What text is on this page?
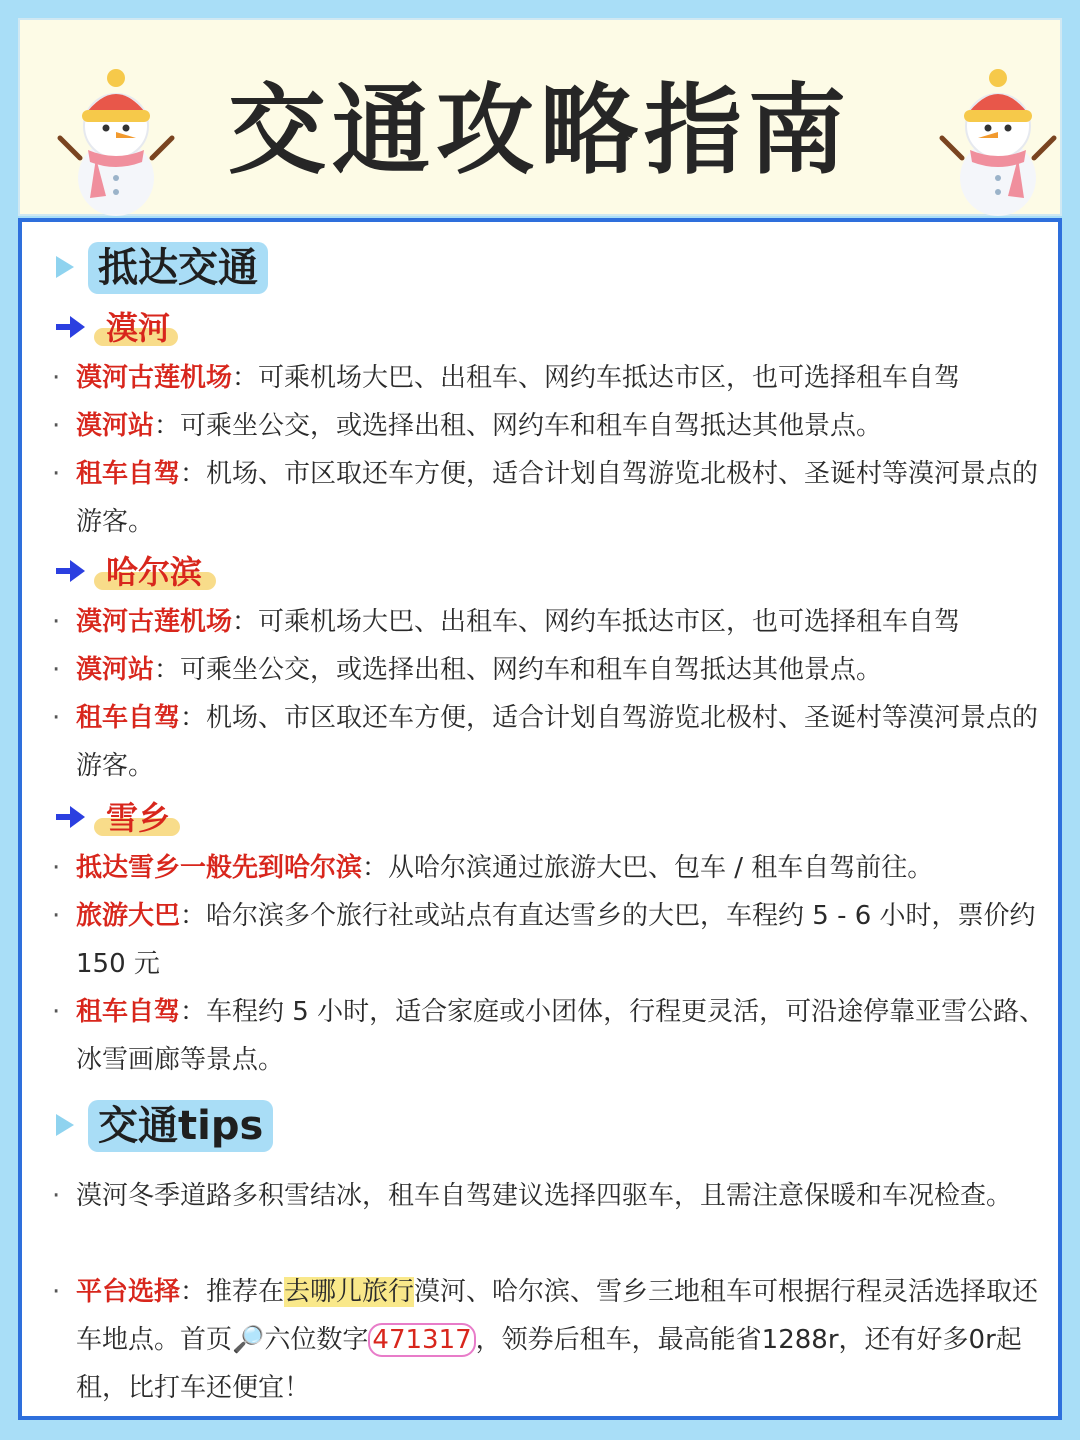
交通攻略指南
抵达交通
漠河
· 漠河古莲机场：可乘机场大巴、出租车、网约车抵达市区，也可选择租车自驾
· 漠河站：可乘坐公交，或选择出租、网约车和租车自驾抵达其他景点。
· 租车自驾：机场、市区取还车方便，适合计划自驾游览北极村、圣诞村等漠河景点的游客。
哈尔滨
· 漠河古莲机场：可乘机场大巴、出租车、网约车抵达市区，也可选择租车自驾
· 漠河站：可乘坐公交，或选择出租、网约车和租车自驾抵达其他景点。
· 租车自驾：机场、市区取还车方便，适合计划自驾游览北极村、圣诞村等漠河景点的游客。
雪乡
· 抵达雪乡一般先到哈尔滨：从哈尔滨通过旅游大巴、包车 / 租车自驾前往。
· 旅游大巴：哈尔滨多个旅行社或站点有直达雪乡的大巴，车程约 5 - 6 小时，票价约 150 元
· 租车自驾：车程约 5 小时，适合家庭或小团体，行程更灵活，可沿途停靠亚雪公路、冰雪画廊等景点。
交通tips
· 漠河冬季道路多积雪结冰，租车自驾建议选择四驱车，且需注意保暖和车况检查。
· 平台选择：推荐在去哪儿旅行漠河、哈尔滨、雪乡三地租车可根据行程灵活选择取还车地点。首页🔎六位数字 471317 ，领券后租车，最高能省1288r，还有好多0r起租，比打车还便宜！
